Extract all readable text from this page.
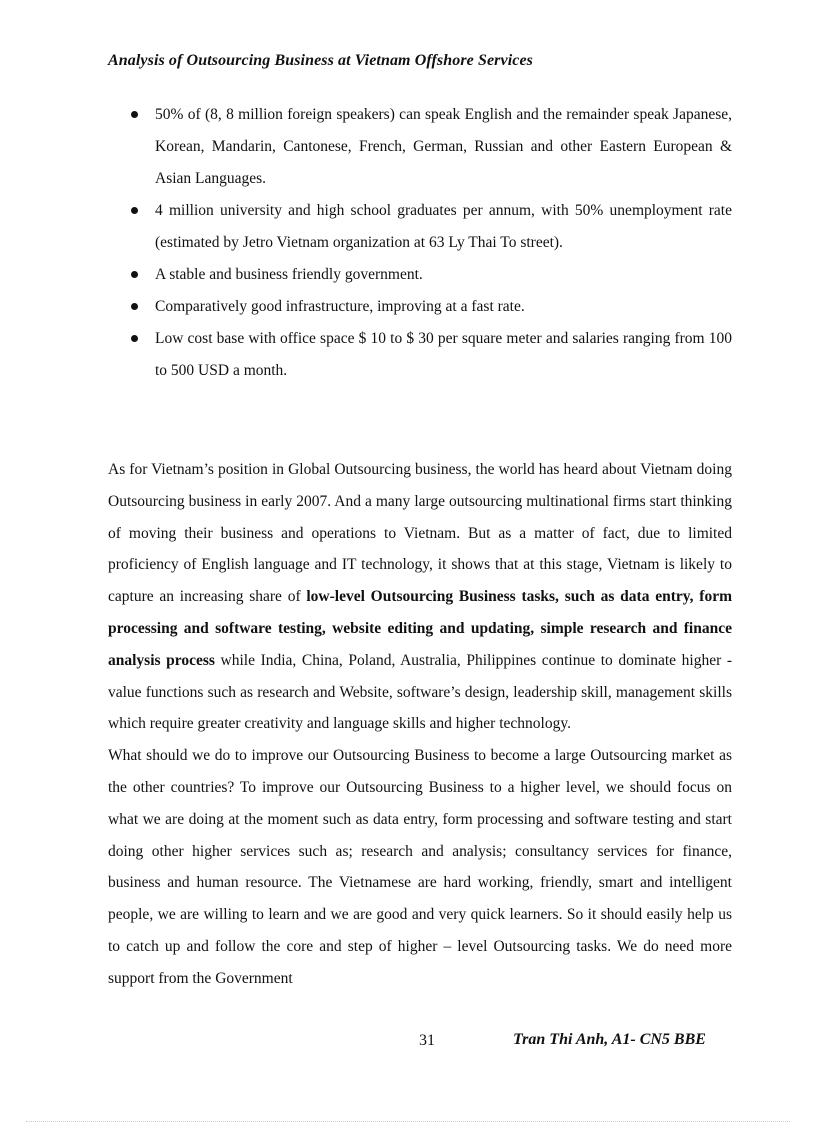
Analysis of Outsourcing Business at Vietnam Offshore Services
50% of (8, 8 million foreign speakers) can speak English and the remainder speak Japanese, Korean, Mandarin, Cantonese, French, German, Russian and other Eastern European & Asian Languages.
4 million university and high school graduates per annum, with 50% unemployment rate (estimated by Jetro Vietnam organization at 63 Ly Thai To street).
A stable and business friendly government.
Comparatively good infrastructure, improving at a fast rate.
Low cost base with office space $ 10 to $ 30 per square meter and salaries ranging from 100 to 500 USD a month.

As for Vietnam’s position in Global Outsourcing business, the world has heard about Vietnam doing Outsourcing business in early 2007. And a many large outsourcing multinational firms start thinking of moving their business and operations to Vietnam. But as a matter of fact, due to limited proficiency of English language and IT technology, it shows that at this stage, Vietnam is likely to capture an increasing share of low-level Outsourcing Business tasks, such as data entry, form processing and software testing, website editing and updating, simple research and finance analysis process while India, China, Poland, Australia, Philippines continue to dominate higher - value functions such as research and Website, software’s design, leadership skill, management skills which require greater creativity and language skills and higher technology.

What should we do to improve our Outsourcing Business to become a large Outsourcing market as the other countries? To improve our Outsourcing Business to a higher level, we should focus on what we are doing at the moment such as data entry, form processing and software testing and start doing other higher services such as; research and analysis; consultancy services for finance, business and human resource. The Vietnamese are hard working, friendly, smart and intelligent people, we are willing to learn and we are good and very quick learners. So it should easily help us to catch up and follow the core and step of higher – level Outsourcing tasks. We do need more support from the Government

31	Tran Thi Anh, A1- CN5 BBE
